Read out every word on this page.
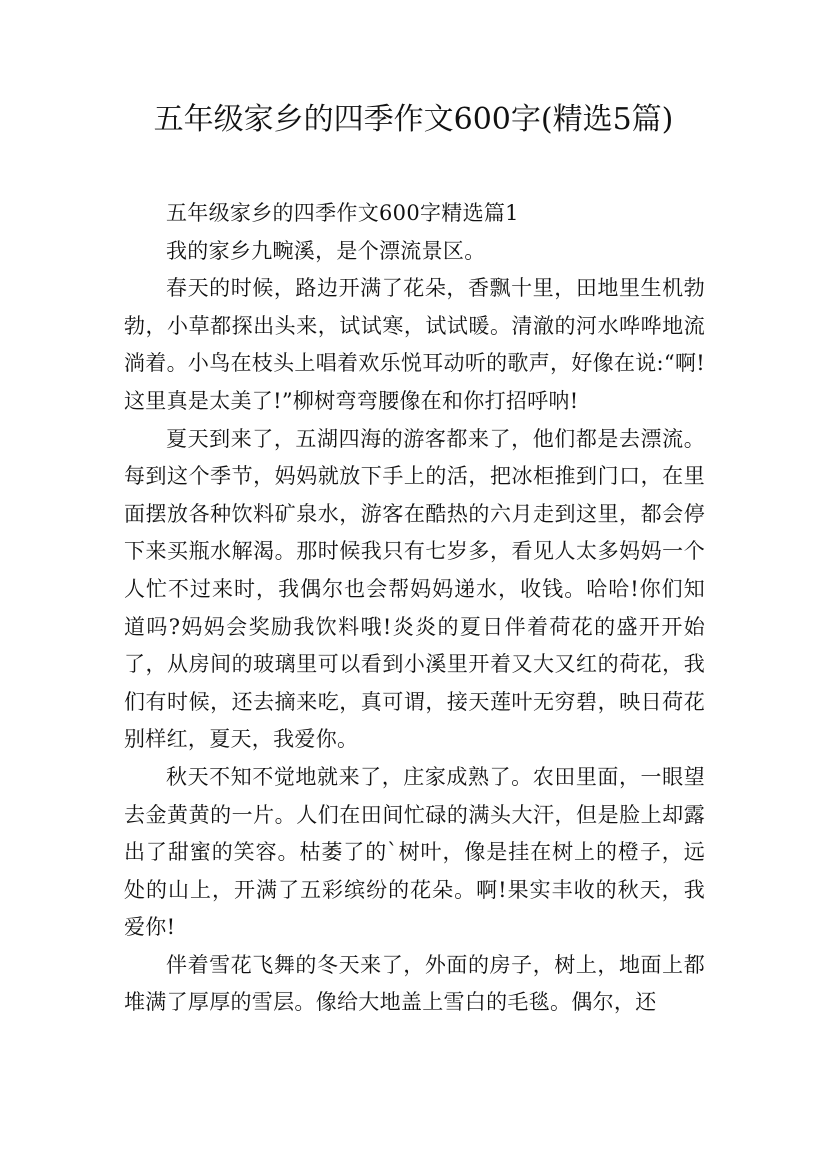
五年级家乡的四季作文600字(精选5篇)

五年级家乡的四季作文600字精选篇1

我的家乡九畹溪，是个漂流景区。

春天的时候，路边开满了花朵，香飘十里，田地里生机勃勃，小草都探出头来，试试寒，试试暖。清澈的河水哗哗地流淌着。小鸟在枝头上唱着欢乐悦耳动听的歌声，好像在说:“啊!这里真是太美了!”柳树弯弯腰像在和你打招呼呐!

夏天到来了，五湖四海的游客都来了，他们都是去漂流。每到这个季节，妈妈就放下手上的活，把冰柜推到门口，在里面摆放各种饮料矿泉水，游客在酷热的六月走到这里，都会停下来买瓶水解渴。那时候我只有七岁多，看见人太多妈妈一个人忙不过来时，我偶尔也会帮妈妈递水，收钱。哈哈!你们知道吗?妈妈会奖励我饮料哦!炎炎的夏日伴着荷花的盛开开始了，从房间的玻璃里可以看到小溪里开着又大又红的荷花，我们有时候，还去摘来吃，真可谓，接天莲叶无穷碧，映日荷花别样红，夏天，我爱你。

秋天不知不觉地就来了，庄家成熟了。农田里面，一眼望去金黄黄的一片。人们在田间忙碌的满头大汗，但是脸上却露出了甜蜜的笑容。枯萎了的`树叶，像是挂在树上的橙子，远处的山上，开满了五彩缤纷的花朵。啊!果实丰收的秋天，我爱你!

伴着雪花飞舞的冬天来了，外面的房子，树上，地面上都堆满了厚厚的雪层。像给大地盖上雪白的毛毯。偶尔，还
